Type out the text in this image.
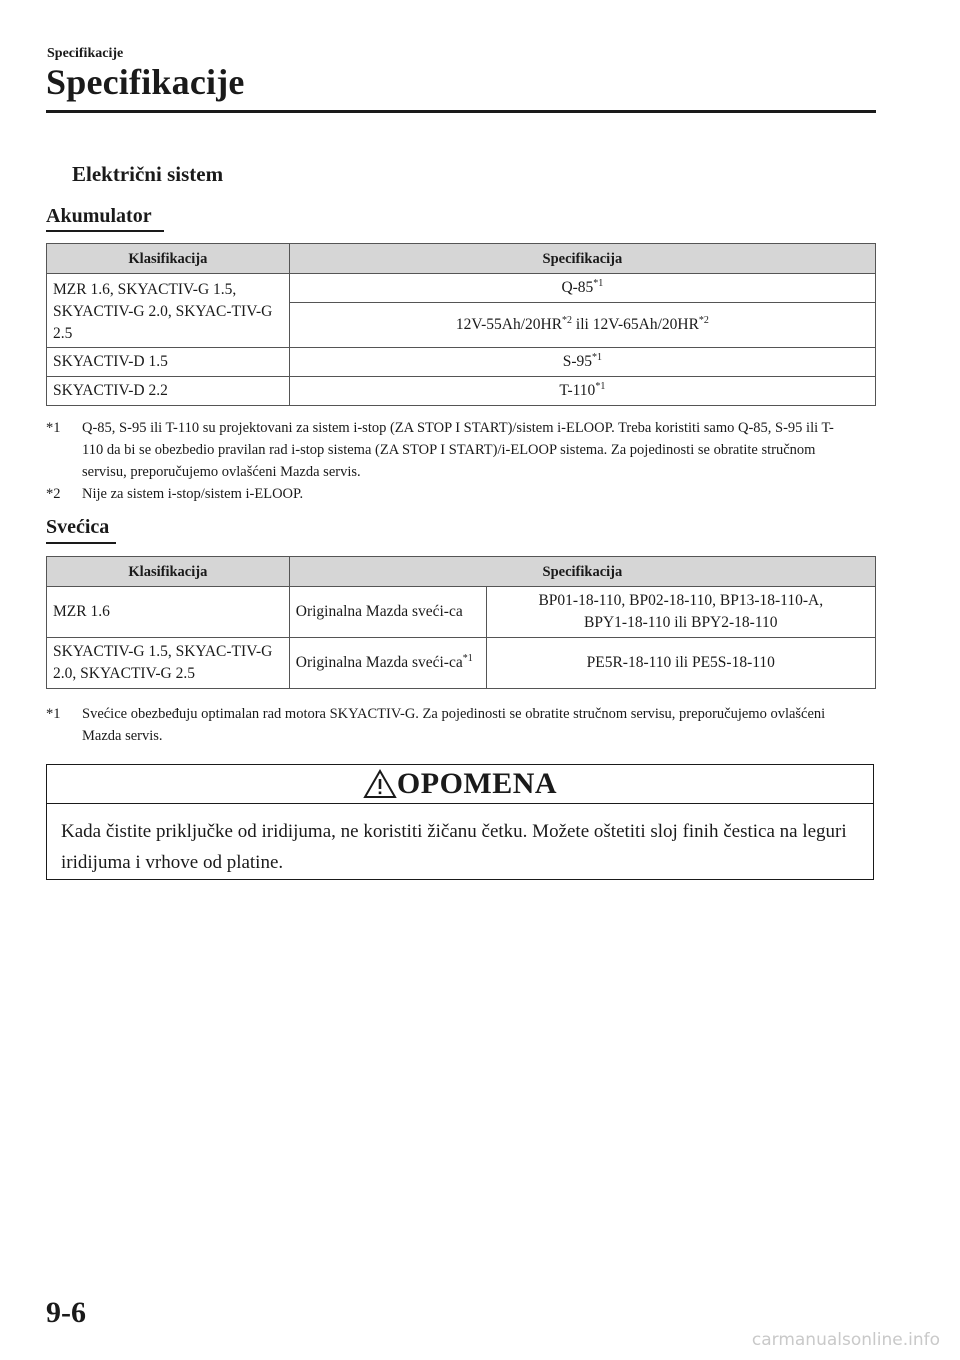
Specifikacije
Specifikacije
Električni sistem
Akumulator
Klasifikacija	Specifikacija
MZR 1.6, SKYACTIV-G 1.5, SKYACTIV-G 2.0, SKYAC-TIV-G 2.5	Q-85$^{*1}$
	12V-55Ah/20HR$^{*2}$ ili 12V-65Ah/20HR$^{*2}$
SKYACTIV-D 1.5	S-95$^{*1}$
SKYACTIV-D 2.2	T-110$^{*1}$
*1 Q-85, S-95 ili T-110 su projektovani za sistem i-stop (ZA STOP I START)/sistem i-ELOOP. Treba koristiti samo Q-85, S-95 ili T-110 da bi se obezbedio pravilan rad i-stop sistema (ZA STOP I START)/i-ELOOP sistema. Za pojedinosti se obratite stručnom servisu, preporučujemo ovlašćeni Mazda servis.
*2 Nije za sistem i-stop/sistem i-ELOOP.
Svećica
Klasifikacija	Specifikacija	
MZR 1.6	Originalna Mazda sveći-ca	BP01-18-110, BP02-18-110, BP13-18-110-A,
BPY1-18-110 ili BPY2-18-110

SKYACTIV-G 1.5, SKYAC-TIV-G 2.0, SKYACTIV-G 2.5	Originalna Mazda sveći-$ca^{*1}$	PE5R-18-110 ili PE5S-18-110
*1 Svećice obezbeđuju optimalan rad motora SKYACTIV-G. Za pojedinosti se obratite stručnom servisu, preporučujemo ovlašćeni Mazda servis.
OPOMENA
Kada čistite priključke od iridijuma, ne koristiti žičanu četku. Možete oštetiti sloj finih čestica na leguri iridijuma i vrhove od platine.
9-6
carmanualsonline.info
